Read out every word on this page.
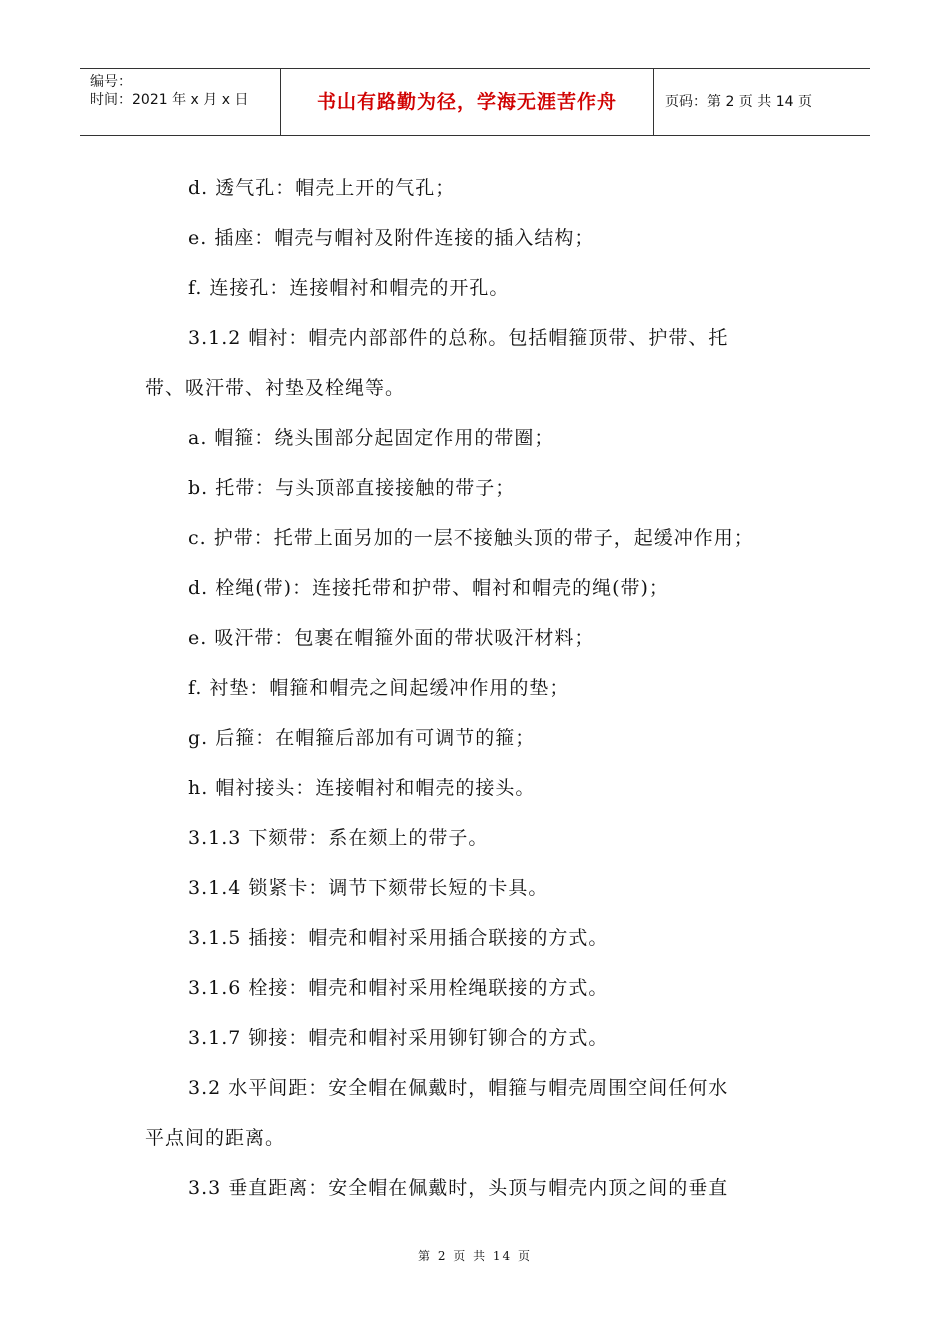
编号：
时间：2021 年 x 月 x 日	书山有路勤为径，学海无涯苦作舟	页码：第 2 页 共 14 页
d. 透气孔：帽壳上开的气孔；
e. 插座：帽壳与帽衬及附件连接的插入结构；
f. 连接孔：连接帽衬和帽壳的开孔。
3.1.2 帽衬：帽壳内部部件的总称。包括帽箍顶带、护带、托
带、吸汗带、衬垫及栓绳等。
a. 帽箍：绕头围部分起固定作用的带圈；
b. 托带：与头顶部直接接触的带子；
c. 护带：托带上面另加的一层不接触头顶的带子，起缓冲作用；
d. 栓绳(带)：连接托带和护带、帽衬和帽壳的绳(带)；
e. 吸汗带：包裹在帽箍外面的带状吸汗材料；
f. 衬垫：帽箍和帽壳之间起缓冲作用的垫；
g. 后箍：在帽箍后部加有可调节的箍；
h. 帽衬接头：连接帽衬和帽壳的接头。
3.1.3 下颏带：系在颏上的带子。
3.1.4 锁紧卡：调节下颏带长短的卡具。
3.1.5 插接：帽壳和帽衬采用插合联接的方式。
3.1.6 栓接：帽壳和帽衬采用栓绳联接的方式。
3.1.7 铆接：帽壳和帽衬采用铆钉铆合的方式。
3.2 水平间距：安全帽在佩戴时，帽箍与帽壳周围空间任何水
平点间的距离。
3.3 垂直距离：安全帽在佩戴时，头顶与帽壳内顶之间的垂直
第 2 页 共 14 页
